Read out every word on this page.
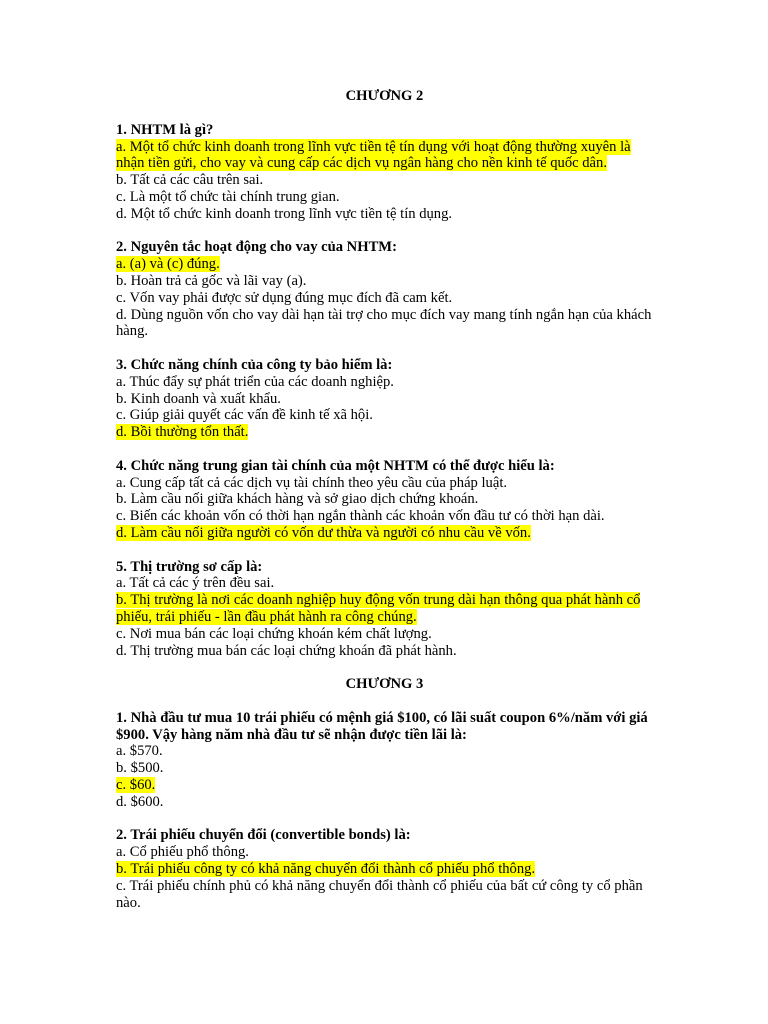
CHƯƠNG 2

1. NHTM là gì?

a. Một tổ chức kinh doanh trong lĩnh vực tiền tệ tín dụng với hoạt động thường xuyên là nhận tiền gửi, cho vay và cung cấp các dịch vụ ngân hàng cho nền kinh tế quốc dân.

b. Tất cả các câu trên sai.

c. Là một tổ chức tài chính trung gian.

d. Một tổ chức kinh doanh trong lĩnh vực tiền tệ tín dụng.

2. Nguyên tắc hoạt động cho vay của NHTM:

a. (a) và (c) đúng.

b. Hoàn trả cả gốc và lãi vay (a).

c. Vốn vay phải được sử dụng đúng mục đích đã cam kết.

d. Dùng nguồn vốn cho vay dài hạn tài trợ cho mục đích vay mang tính ngắn hạn của khách hàng.

3. Chức năng chính của công ty bảo hiểm là:

a. Thúc đẩy sự phát triển của các doanh nghiệp.

b. Kinh doanh và xuất khẩu.

c. Giúp giải quyết các vấn đề kinh tế xã hội.

d. Bồi thường tổn thất.

4. Chức năng trung gian tài chính của một NHTM có thể được hiểu là:

a. Cung cấp tất cả các dịch vụ tài chính theo yêu cầu của pháp luật.

b. Làm cầu nối giữa khách hàng và sở giao dịch chứng khoán.

c. Biến các khoản vốn có thời hạn ngắn thành các khoản vốn đầu tư có thời hạn dài.

d. Làm cầu nối giữa người có vốn dư thừa và người có nhu cầu về vốn.

5. Thị trường sơ cấp là:

a. Tất cả các ý trên đều sai.

b. Thị trường là nơi các doanh nghiệp huy động vốn trung dài hạn thông qua phát hành cổ phiếu, trái phiếu - lần đầu phát hành ra công chúng.

c. Nơi mua bán các loại chứng khoán kém chất lượng.

d. Thị trường mua bán các loại chứng khoán đã phát hành.

CHƯƠNG 3

1. Nhà đầu tư mua 10 trái phiếu có mệnh giá $100, có lãi suất coupon 6%/năm với giá $900. Vậy hàng năm nhà đầu tư sẽ nhận được tiền lãi là:

a. $570.

b. $500.

c. $60.

d. $600.

2. Trái phiếu chuyển đổi (convertible bonds) là:

a. Cổ phiếu phổ thông.

b. Trái phiếu công ty có khả năng chuyển đổi thành cổ phiếu phổ thông.

c. Trái phiếu chính phủ có khả năng chuyển đổi thành cổ phiếu của bất cứ công ty cổ phần nào.
